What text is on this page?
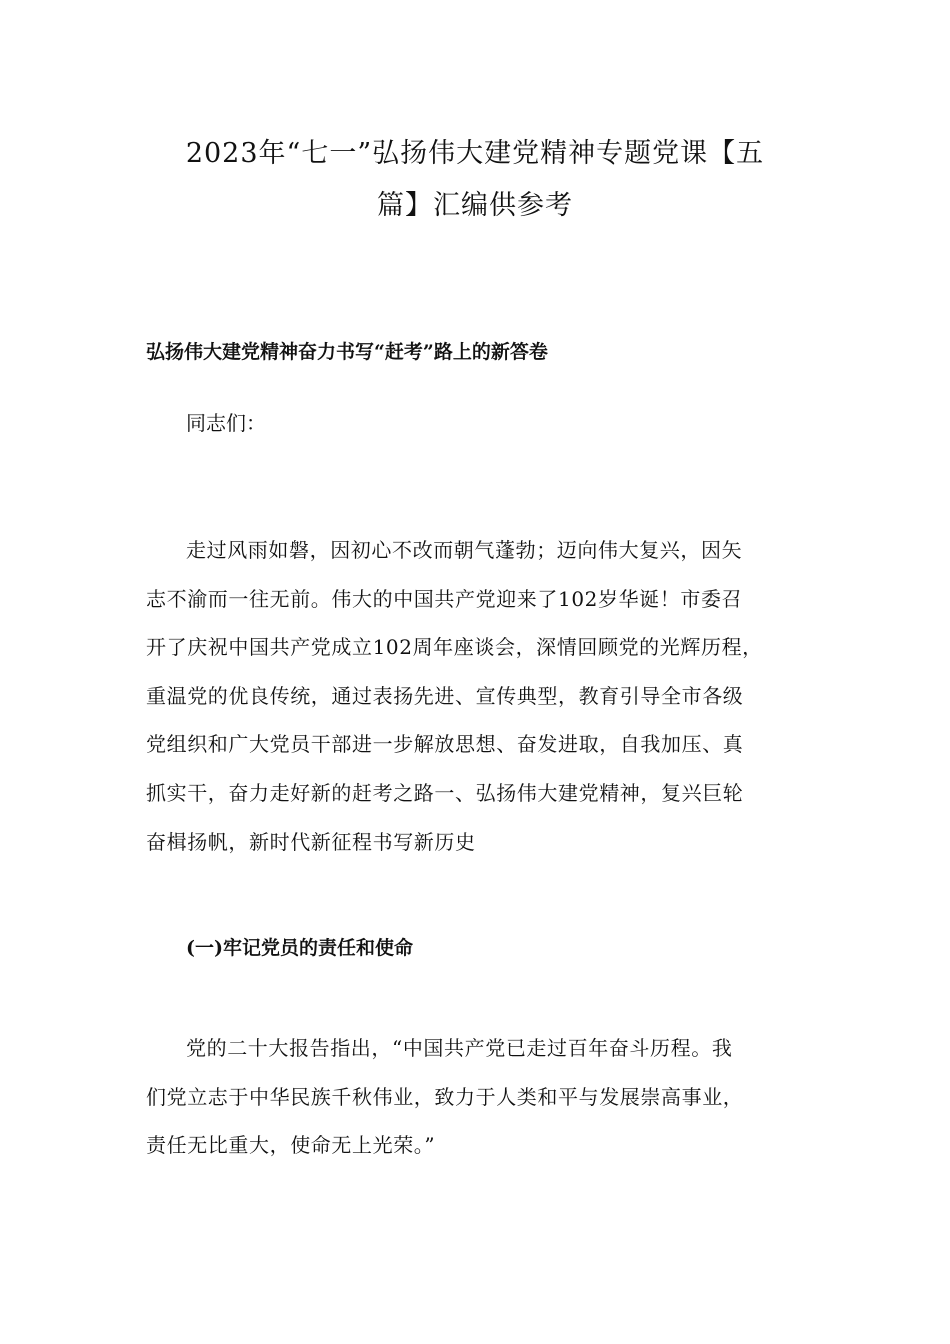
2023年“七一”弘扬伟大建党精神专题党课【五
篇】汇编供参考
弘扬伟大建党精神奋力书写“赶考”路上的新答卷

同志们：

走过风雨如磐，因初心不改而朝气蓬勃；迈向伟大复兴，因矢
志不渝而一往无前。伟大的中国共产党迎来了102岁华诞！市委召
开了庆祝中国共产党成立102周年座谈会，深情回顾党的光辉历程，
重温党的优良传统，通过表扬先进、宣传典型，教育引导全市各级
党组织和广大党员干部进一步解放思想、奋发进取，自我加压、真
抓实干，奋力走好新的赶考之路一、弘扬伟大建党精神，复兴巨轮
奋楫扬帆，新时代新征程书写新历史

(一)牢记党员的责任和使命

党的二十大报告指出，“中国共产党已走过百年奋斗历程。我
们党立志于中华民族千秋伟业，致力于人类和平与发展崇高事业，
责任无比重大，使命无上光荣。”
